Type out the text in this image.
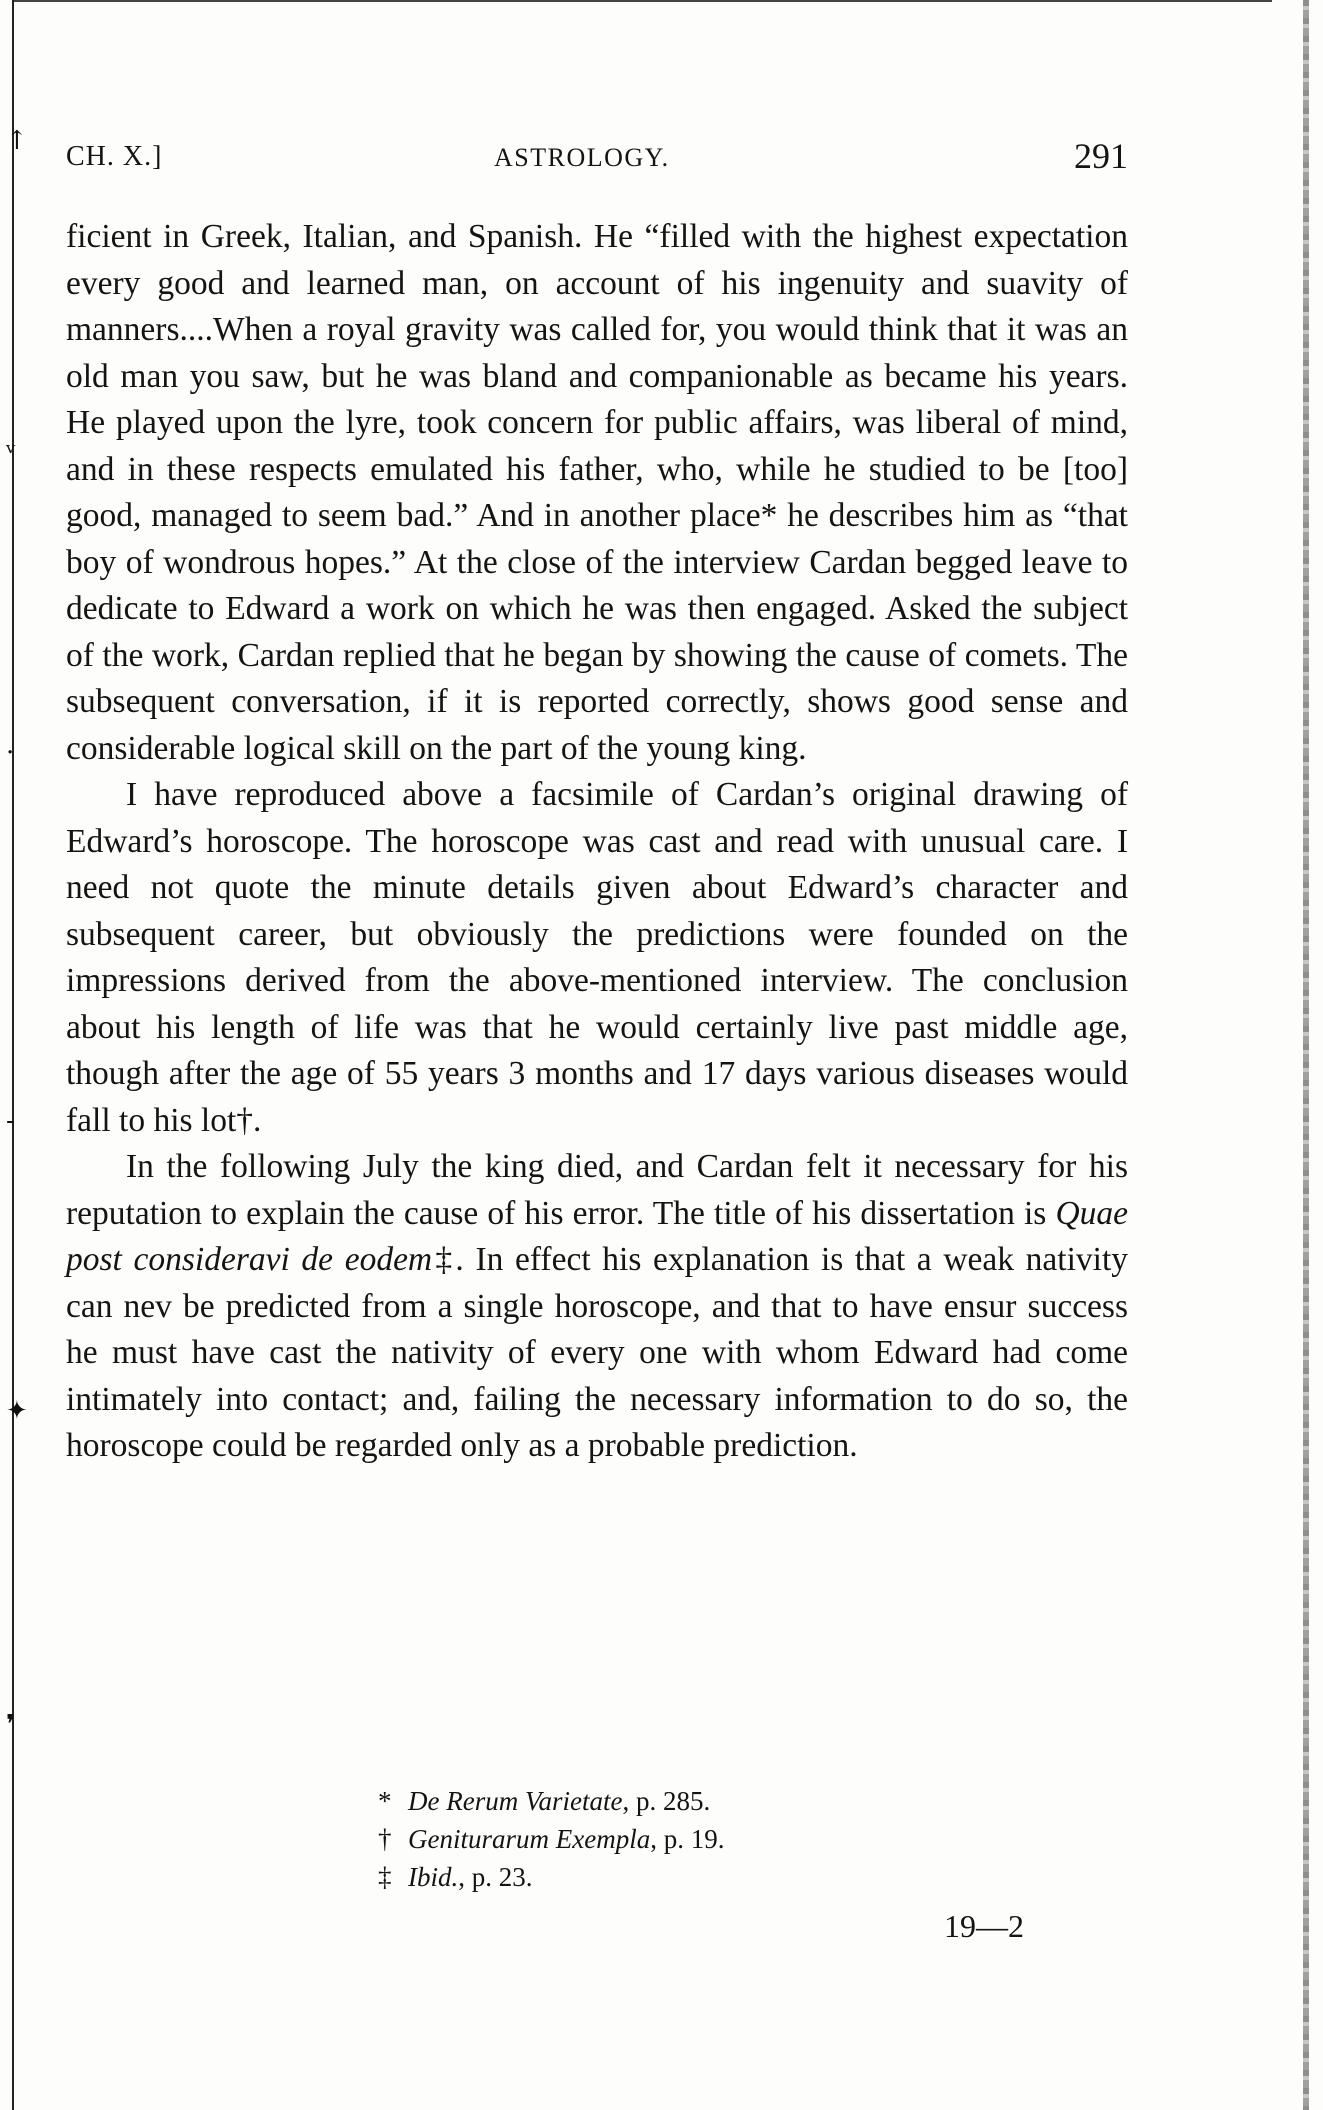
↑
ᵥ
·
-
✦
❜
CH. X.]	ASTROLOGY.	291

ficient in Greek, Italian, and Spanish. He “filled with the highest expectation every good and learned man, on account of his ingenuity and suavity of manners....When a royal gravity was called for, you would think that it was an old man you saw, but he was bland and companionable as became his years. He played upon the lyre, took concern for public affairs, was liberal of mind, and in these respects emulated his father, who, while he studied to be [too] good, managed to seem bad.” And in another place* he describes him as “that boy of wondrous hopes.” At the close of the interview Cardan begged leave to dedicate to Edward a work on which he was then engaged. Asked the subject of the work, Cardan replied that he began by showing the cause of comets. The subsequent conversation, if it is reported correctly, shows good sense and considerable logical skill on the part of the young king.

I have reproduced above a facsimile of Cardan’s original drawing of Edward’s horoscope. The horoscope was cast and read with unusual care. I need not quote the minute details given about Edward’s character and subsequent career, but obviously the predictions were founded on the impressions derived from the above-mentioned interview. The conclusion about his length of life was that he would certainly live past middle age, though after the age of 55 years 3 months and 17 days various diseases would fall to his lot†.

In the following July the king died, and Cardan felt it necessary for his reputation to explain the cause of his error. The title of his dissertation is Quae post consideravi de eodem‡. In effect his explanation is that a weak nativity can nev be predicted from a single horoscope, and that to have ensur success he must have cast the nativity of every one with whom Edward had come intimately into contact; and, failing the necessary information to do so, the horoscope could be regarded only as a probable prediction.

* De Rerum Varietate, p. 285.
† Geniturarum Exempla, p. 19.
‡ Ibid., p. 23.
19—2
